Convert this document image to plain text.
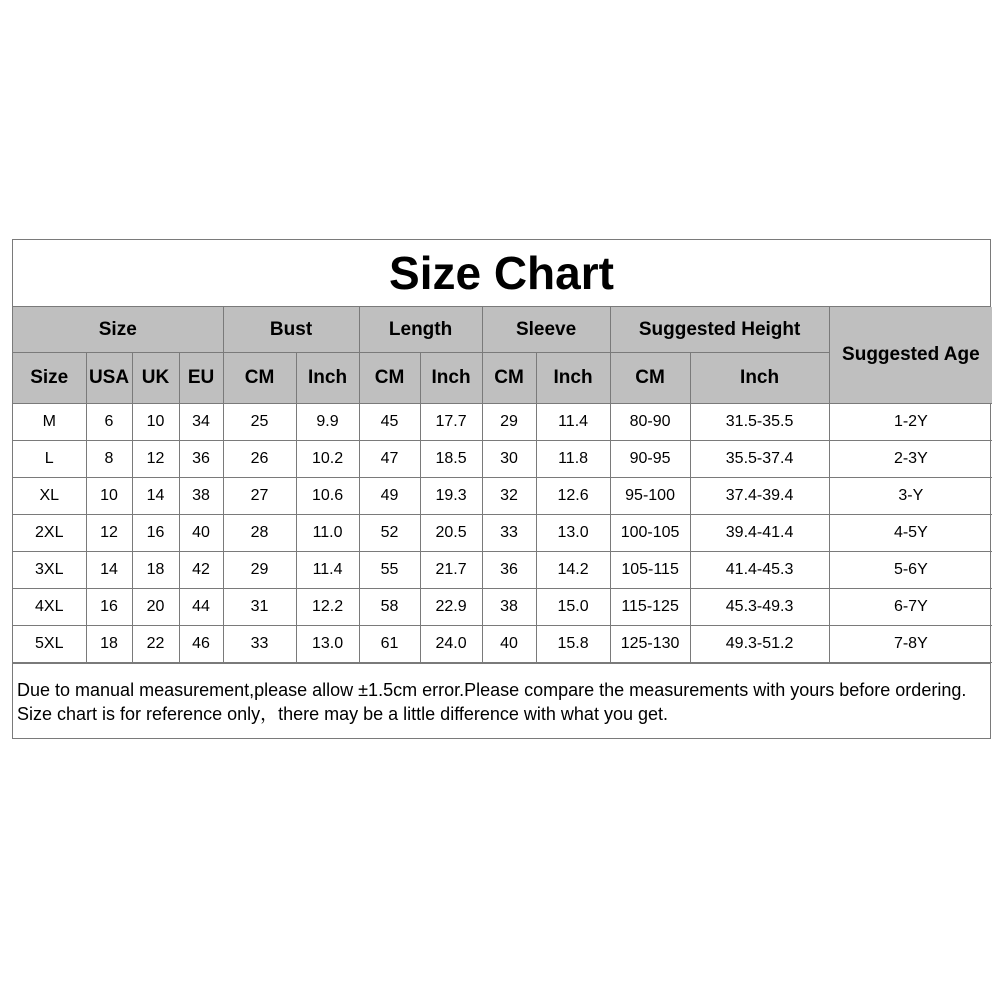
Size Chart
Size				Bust		Length		Sleeve		Suggested Height		Suggested Age
Size	USA	UK	EU	CM	Inch	CM	Inch	CM	Inch	CM	Inch	
M	6	10	34	25	9.9	45	17.7	29	11.4	80-90	31.5-35.5	1-2Y
L	8	12	36	26	10.2	47	18.5	30	11.8	90-95	35.5-37.4	2-3Y
XL	10	14	38	27	10.6	49	19.3	32	12.6	95-100	37.4-39.4	3-Y
2XL	12	16	40	28	11.0	52	20.5	33	13.0	100-105	39.4-41.4	4-5Y
3XL	14	18	42	29	11.4	55	21.7	36	14.2	105-115	41.4-45.3	5-6Y
4XL	16	20	44	31	12.2	58	22.9	38	15.0	115-125	45.3-49.3	6-7Y
5XL	18	22	46	33	13.0	61	24.0	40	15.8	125-130	49.3-51.2	7-8Y

Due to manual measurement,please allow ±1.5cm error.Please compare the measurements with yours before ordering.

Size chart is for reference only，there may be a little difference with what you get.
